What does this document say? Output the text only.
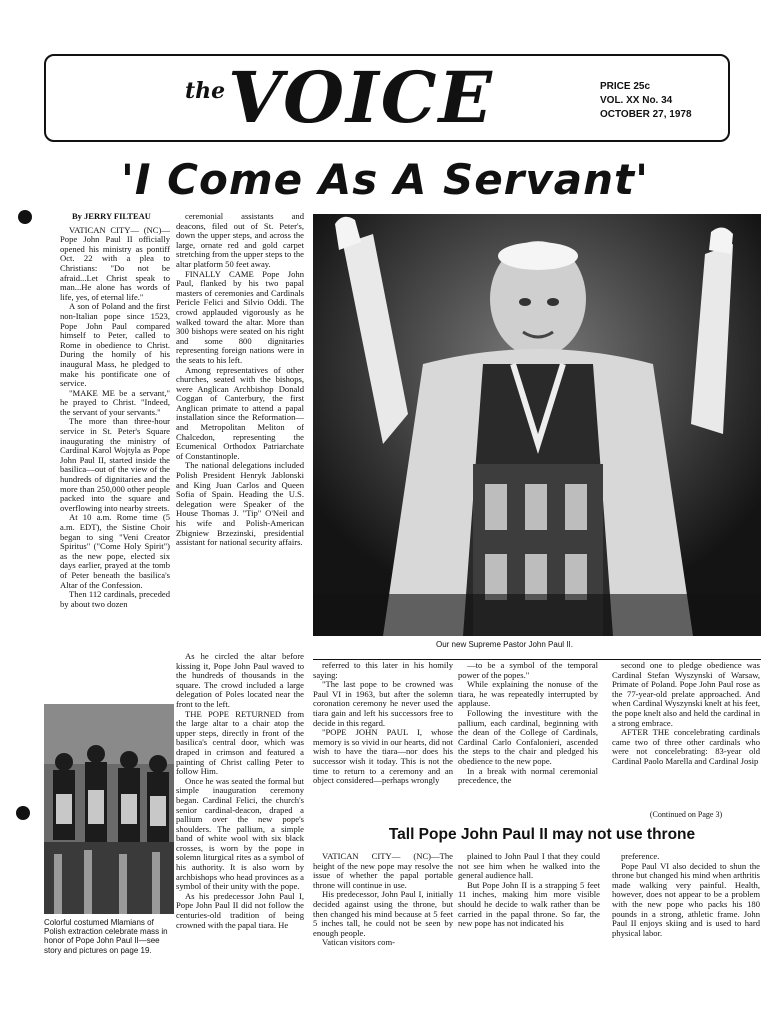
the VOICE	PRICE 25c
VOL. XX No. 34
OCTOBER 27, 1978
'I Come As A Servant'

By JERRY FILTEAU

VATICAN CITY— (NC)—Pope John Paul II officially opened his ministry as pontiff Oct. 22 with a plea to Christians: "Do not be afraid...Let Christ speak to man...He alone has words of life, yes, of eternal life."

A son of Poland and the first non-Italian pope since 1523, Pope John Paul compared himself to Peter, called to Rome in obedience to Christ. During the homily of his inaugural Mass, he pledged to make his pontificate one of service.

"MAKE ME be a servant," he prayed to Christ. "Indeed, the servant of your servants."

The more than three-hour service in St. Peter's Square inaugurating the ministry of Cardinal Karol Wojtyla as Pope John Paul II, started inside the basilica—out of the view of the hundreds of dignitaries and the more than 250,000 other people packed into the square and overflowing into nearby streets.

At 10 a.m. Rome time (5 a.m. EDT), the Sistine Choir began to sing "Veni Creator Spiritus" ("Come Holy Spirit") as the new pope, elected six days earlier, prayed at the tomb of Peter beneath the basilica's Altar of the Confession.

Then 112 cardinals, preceded by about two dozen

Colorful costumed Mlamians of Polish extraction celebrate mass in honor of Pope John Paul II—see story and pictures on page 19.

ceremonial assistants and deacons, filed out of St. Peter's, down the upper steps, and across the large, ornate red and gold carpet stretching from the upper steps to the altar platform 50 feet away.

FINALLY CAME Pope John Paul, flanked by his two papal masters of ceremonies and Cardinals Pericle Felici and Silvio Oddi. The crowd applauded vigorously as he walked toward the altar. More than 300 bishops were seated on his right and some 800 dignitaries representing foreign nations were in the seats to his left.

Among representatives of other churches, seated with the bishops, were Anglican Archbishop Donald Coggan of Canterbury, the first Anglican primate to attend a papal installation since the Reformation—and Metropolitan Meliton of Chalcedon, representing the Ecumenical Orthodox Patriarchate of Constantinople.

The national delegations included Polish President Henryk Jablonski and King Juan Carlos and Queen Sofia of Spain. Heading the U.S. delegation were Speaker of the House Thomas J. "Tip" O'Neil and his wife and Polish-American Zbigniew Brzezinski, presidential assistant for national security affairs.

As he circled the altar before kissing it, Pope John Paul waved to the hundreds of thousands in the square. The crowd included a large delegation of Poles located near the front to the left.

THE POPE RETURNED from the large altar to a chair atop the upper steps, directly in front of the basilica's central door, which was draped in crimson and featured a painting of Christ calling Peter to follow Him.

Once he was seated the formal but simple inauguration ceremony began. Cardinal Felici, the church's senior cardinal-deacon, draped a pallium over the new pope's shoulders. The pallium, a simple band of white wool with six black crosses, is worn by the pope in solemn liturgical rites as a symbol of his authority. It is also worn by archbishops who head provinces as a symbol of their unity with the pope.

As his predecessor John Paul I, Pope John Paul II did not follow the centuries-old tradition of being crowned with the papal tiara. He

Our new Supreme Pastor John Paul II.

referred to this later in his homily saying:

"The last pope to be crowned was Paul VI in 1963, but after the solemn coronation ceremony he never used the tiara gain and left his successors free to decide in this regard.

"POPE JOHN PAUL I, whose memory is so vivid in our hearts, did not wish to have the tiara—nor does his successor wish it today. This is not the time to return to a ceremony and an object considered—perhaps wrongly

—to be a symbol of the temporal power of the popes."

While explaining the nonuse of the tiara, he was repeatedly interrupted by applause.

Following the investiture with the pallium, each cardinal, beginning with the dean of the College of Cardinals, Cardinal Carlo Confalonieri, ascended the steps to the chair and pledged his obedience to the new pope.

In a break with normal ceremonial precedence, the

second one to pledge obedience was Cardinal Stefan Wyszynski of Warsaw, Primate of Poland. Pope John Paul rose as the 77-year-old prelate approached. And when Cardinal Wyszynski knelt at his feet, the pope knelt also and held the cardinal in a strong embrace.

AFTER THE concelebrating cardinals came two of three other cardinals who were not concelebrating: 83-year old Cardinal Paolo Marella and Cardinal Josip

(Continued on Page 3)
Tall Pope John Paul II may not use throne

VATICAN CITY— (NC)—The height of the new pope may resolve the issue of whether the papal portable throne will continue in use.

His predecessor, John Paul I, initially decided against using the throne, but then changed his mind because at 5 feet 5 inches tall, he could not be seen by enough people.

Vatican visitors com-

plained to John Paul I that they could not see him when he walked into the general audience hall.

But Pope John II is a strapping 5 feet 11 inches, making him more visible should he decide to walk rather than be carried in the papal throne. So far, the new pope has not indicated his

preference.

Pope Paul VI also decided to shun the throne but changed his mind when arthritis made walking very painful. Health, however, does not appear to be a problem with the new pope who packs his 180 pounds in a strong, athletic frame. John Paul II enjoys skiing and is used to hard physical labor.
